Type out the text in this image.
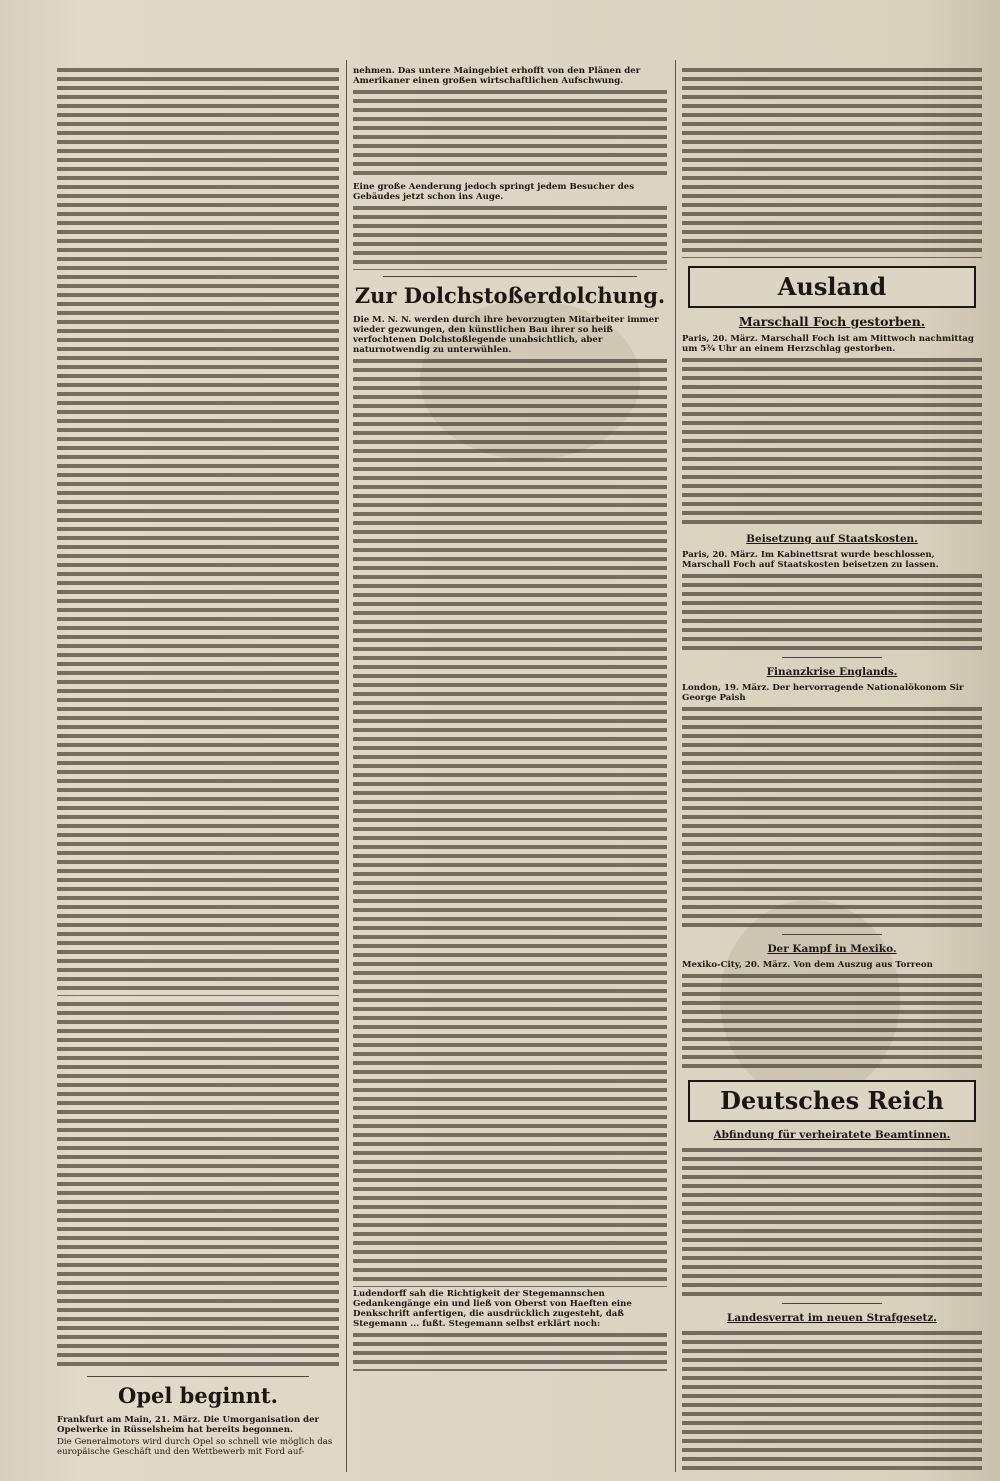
Opel beginnt.
Frankfurt am Main, 21. März. Die Umorganisation der Opelwerke in Rüsselsheim hat bereits begonnen.
Die Generalmotors wird durch Opel so schnell wie möglich das europäische Geschäft und den Wettbewerb mit Ford auf-
nehmen. Das untere Maingebiet erhofft von den Plänen der Amerikaner einen großen wirtschaftlichen Aufschwung.
Eine große Aenderung jedoch springt jedem Besucher des Gebäudes jetzt schon ins Auge.
Zur Dolchstoßerdolchung.
Die M. N. N. werden durch ihre bevorzugten Mitarbeiter immer wieder gezwungen, den künstlichen Bau ihrer so heiß verfochtenen Dolchstoßlegende unabsichtlich, aber naturnotwendig zu unterwühlen.
Ludendorff sah die Richtigkeit der Stegemannschen Gedankengänge ein und ließ von Oberst von Haeften eine Denkschrift anfertigen, die ausdrücklich zugesteht, daß Stegemann ... fußt. Stegemann selbst erklärt noch:
Ausland
Marschall Foch gestorben.
Paris, 20. März. Marschall Foch ist am Mittwoch nachmittag um 5¾ Uhr an einem Herzschlag gestorben.
Beisetzung auf Staatskosten.
Paris, 20. März. Im Kabinettsrat wurde beschlossen, Marschall Foch auf Staatskosten beisetzen zu lassen.
Finanzkrise Englands.
London, 19. März. Der hervorragende Nationalökonom Sir George Paish
Der Kampf in Mexiko.
Mexiko-City, 20. März. Von dem Auszug aus Torreon
Deutsches Reich
Abfindung für verheiratete Beamtinnen.
Landesverrat im neuen Strafgesetz.
